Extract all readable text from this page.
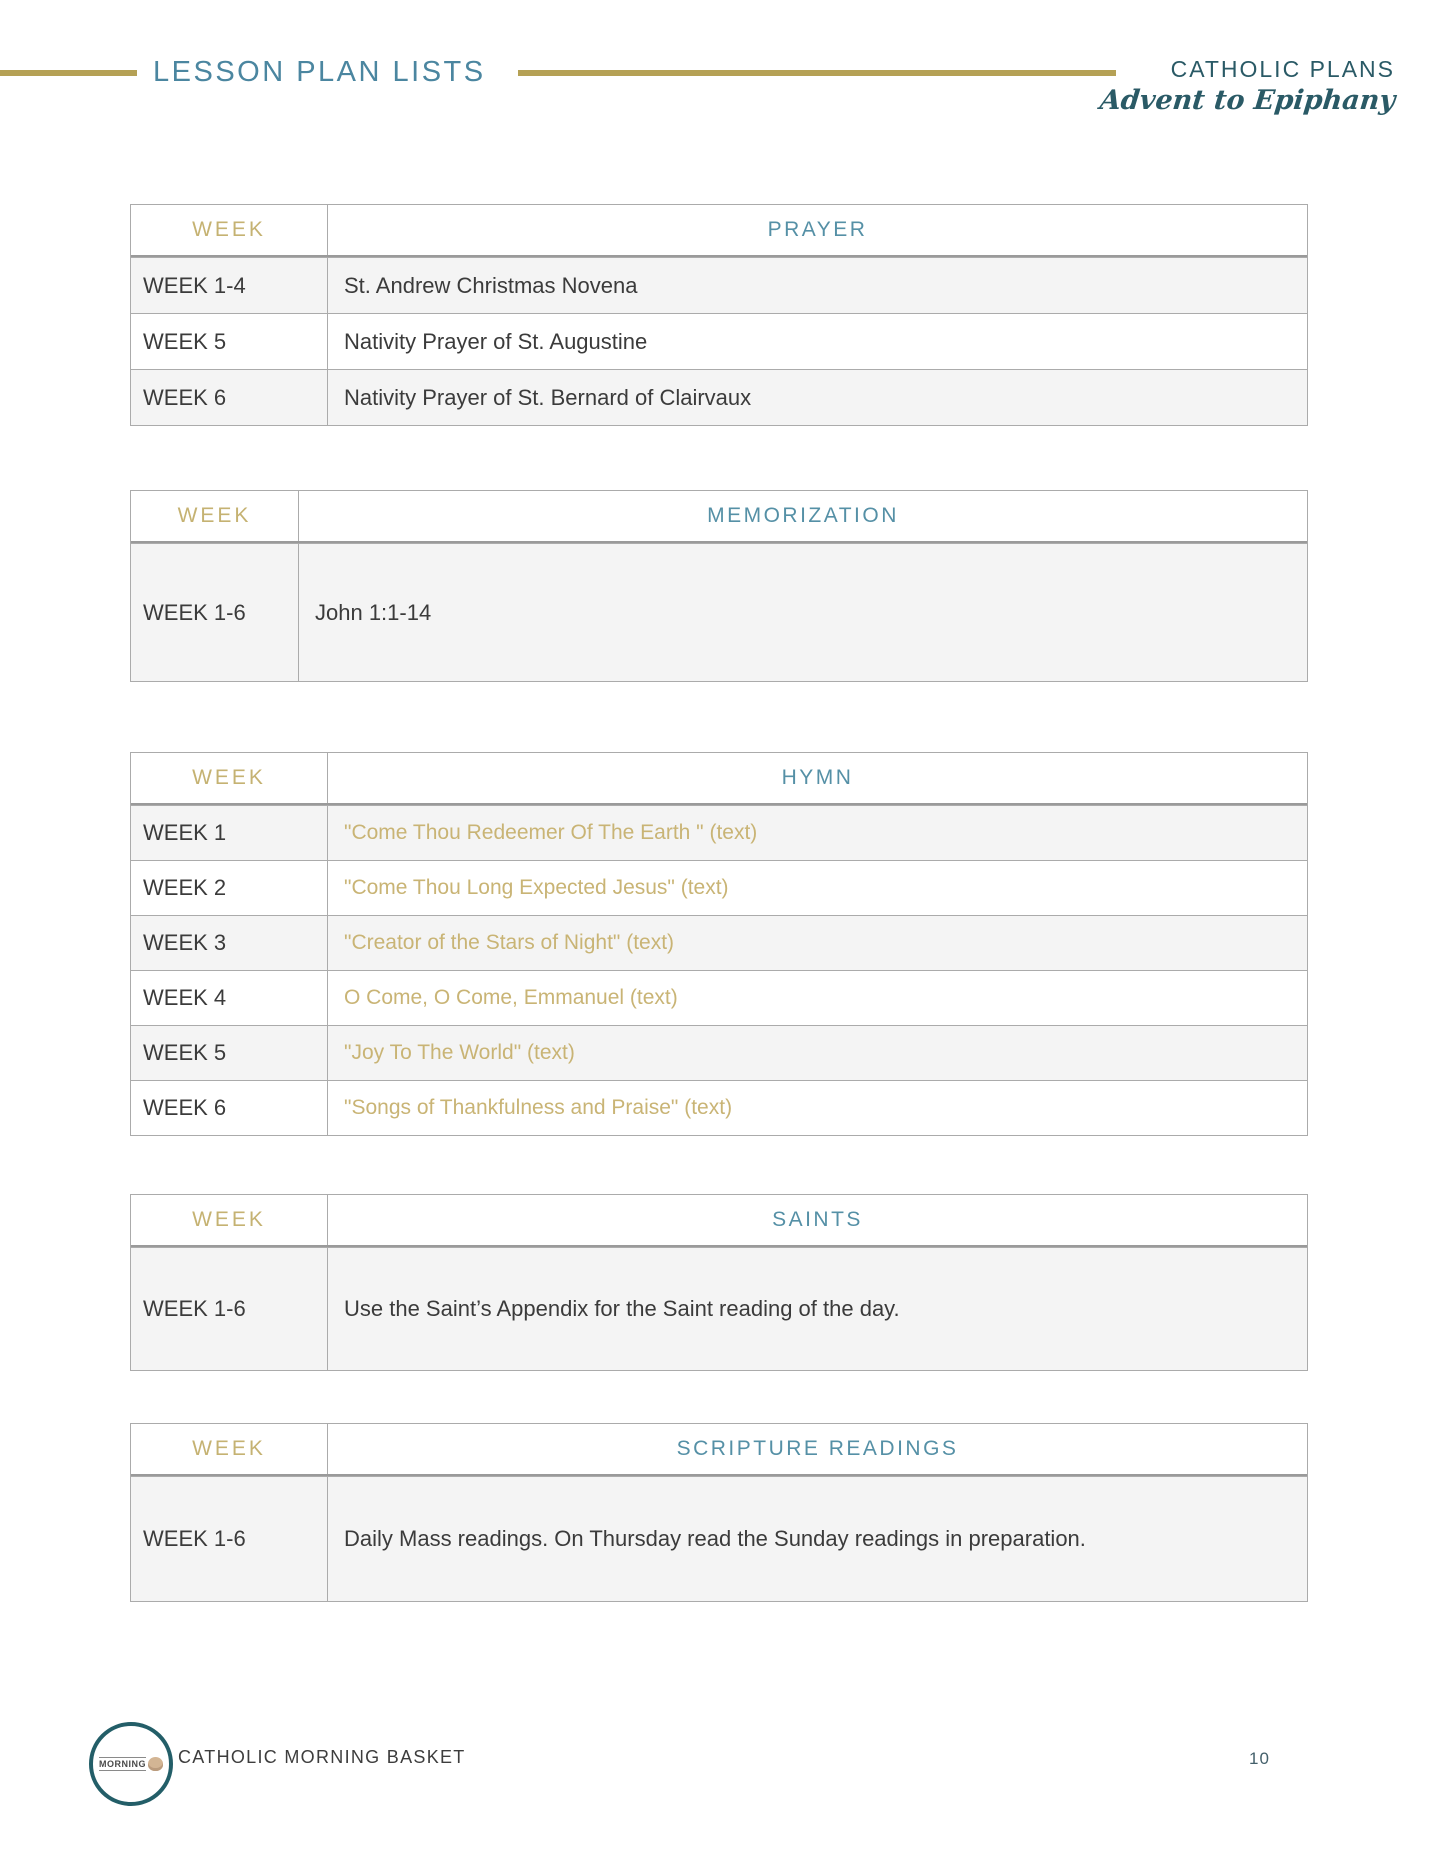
LESSON PLAN LISTS	CATHOLIC PLANS
Advent to Epiphany
WEEK	PRAYER
WEEK 1-4	St. Andrew Christmas Novena
WEEK 5	Nativity Prayer of St. Augustine
WEEK 6	Nativity Prayer of St. Bernard of Clairvaux
WEEK	MEMORIZATION
WEEK 1-6	John 1:1-14
WEEK	HYMN
WEEK 1	"Come Thou Redeemer Of The Earth " (text)
WEEK 2	"Come Thou Long Expected Jesus" (text)
WEEK 3	"Creator of the Stars of Night" (text)
WEEK 4	O Come, O Come, Emmanuel (text)
WEEK 5	"Joy To The World" (text)
WEEK 6	"Songs of Thankfulness and Praise" (text)
WEEK	SAINTS
WEEK 1-6	Use the Saint’s Appendix for the Saint reading of the day.
WEEK	SCRIPTURE READINGS
WEEK 1-6	Daily Mass readings. On Thursday read the Sunday readings in preparation.
MORNING CATHOLIC MORNING BASKET	10
